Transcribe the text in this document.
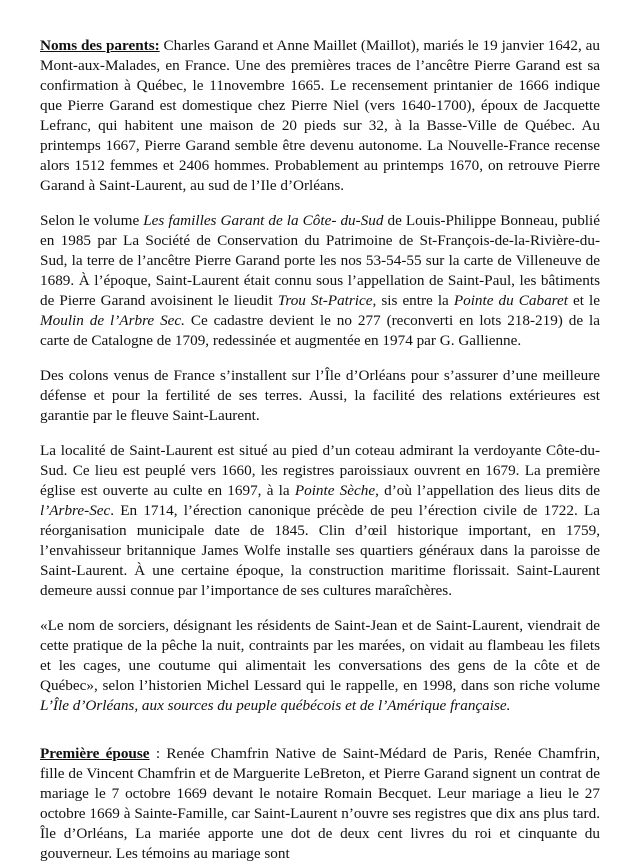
Noms des parents: Charles Garand et Anne Maillet (Maillot), mariés le 19 janvier 1642, au Mont-aux-Malades, en France. Une des premières traces de l’ancêtre Pierre Garand est sa confirmation à Québec, le 11novembre 1665. Le recensement printanier de 1666 indique que Pierre Garand est domestique chez Pierre Niel (vers 1640-1700), époux de Jacquette Lefranc, qui habitent une maison de 20 pieds sur 32, à la Basse-Ville de Québec. Au printemps 1667, Pierre Garand semble être devenu autonome. La Nouvelle-France recense alors 1512 femmes et 2406 hommes. Probablement au printemps 1670, on retrouve Pierre Garand à Saint-Laurent, au sud de l’Ile d’Orléans.

Selon le volume Les familles Garant de la Côte- du-Sud de Louis-Philippe Bonneau, publié en 1985 par La Société de Conservation du Patrimoine de St-François-de-la-Rivière-du-Sud, la terre de l’ancêtre Pierre Garand porte les nos 53-54-55 sur la carte de Villeneuve de 1689. À l’époque, Saint-Laurent était connu sous l’appellation de Saint-Paul, les bâtiments de Pierre Garand avoisinent le lieudit Trou St-Patrice, sis entre la Pointe du Cabaret et le Moulin de l’Arbre Sec. Ce cadastre devient le no 277 (reconverti en lots 218-219) de la carte de Catalogne de 1709, redessinée et augmentée en 1974 par G. Gallienne.

Des colons venus de France s’installent sur l’Île d’Orléans pour s’assurer d’une meilleure défense et pour la fertilité de ses terres. Aussi, la facilité des relations extérieures est garantie par le fleuve Saint-Laurent.

La localité de Saint-Laurent est situé au pied d’un coteau admirant la verdoyante Côte-du-Sud. Ce lieu est peuplé vers 1660, les registres paroissiaux ouvrent en 1679. La première église est ouverte au culte en 1697, à la Pointe Sèche, d’où l’appellation des lieus dits de l’Arbre-Sec. En 1714, l’érection canonique précède de peu l’érection civile de 1722. La réorganisation municipale date de 1845. Clin d’œil historique important, en 1759, l’envahisseur britannique James Wolfe installe ses quartiers généraux dans la paroisse de Saint-Laurent. À une certaine époque, la construction maritime florissait. Saint-Laurent demeure aussi connue par l’importance de ses cultures maraîchères.

«Le nom de sorciers, désignant les résidents de Saint-Jean et de Saint-Laurent, viendrait de cette pratique de la pêche la nuit, contraints par les marées, on vidait au flambeau les filets et les cages, une coutume qui alimentait les conversations des gens de la côte et de Québec», selon l’historien Michel Lessard qui le rappelle, en 1998, dans son riche volume L’Île d’Orléans, aux sources du peuple québécois et de l’Amérique française.

Première épouse : Renée Chamfrin Native de Saint-Médard de Paris, Renée Chamfrin, fille de Vincent Chamfrin et de Marguerite LeBreton, et Pierre Garand signent un contrat de mariage le 7 octobre 1669 devant le notaire Romain Becquet. Leur mariage a lieu le 27 octobre 1669 à Sainte-Famille, car Saint-Laurent n’ouvre ses registres que dix ans plus tard. Île d’Orléans, La mariée apporte une dot de deux cent livres du roi et cinquante du gouverneur. Les témoins au mariage sont
